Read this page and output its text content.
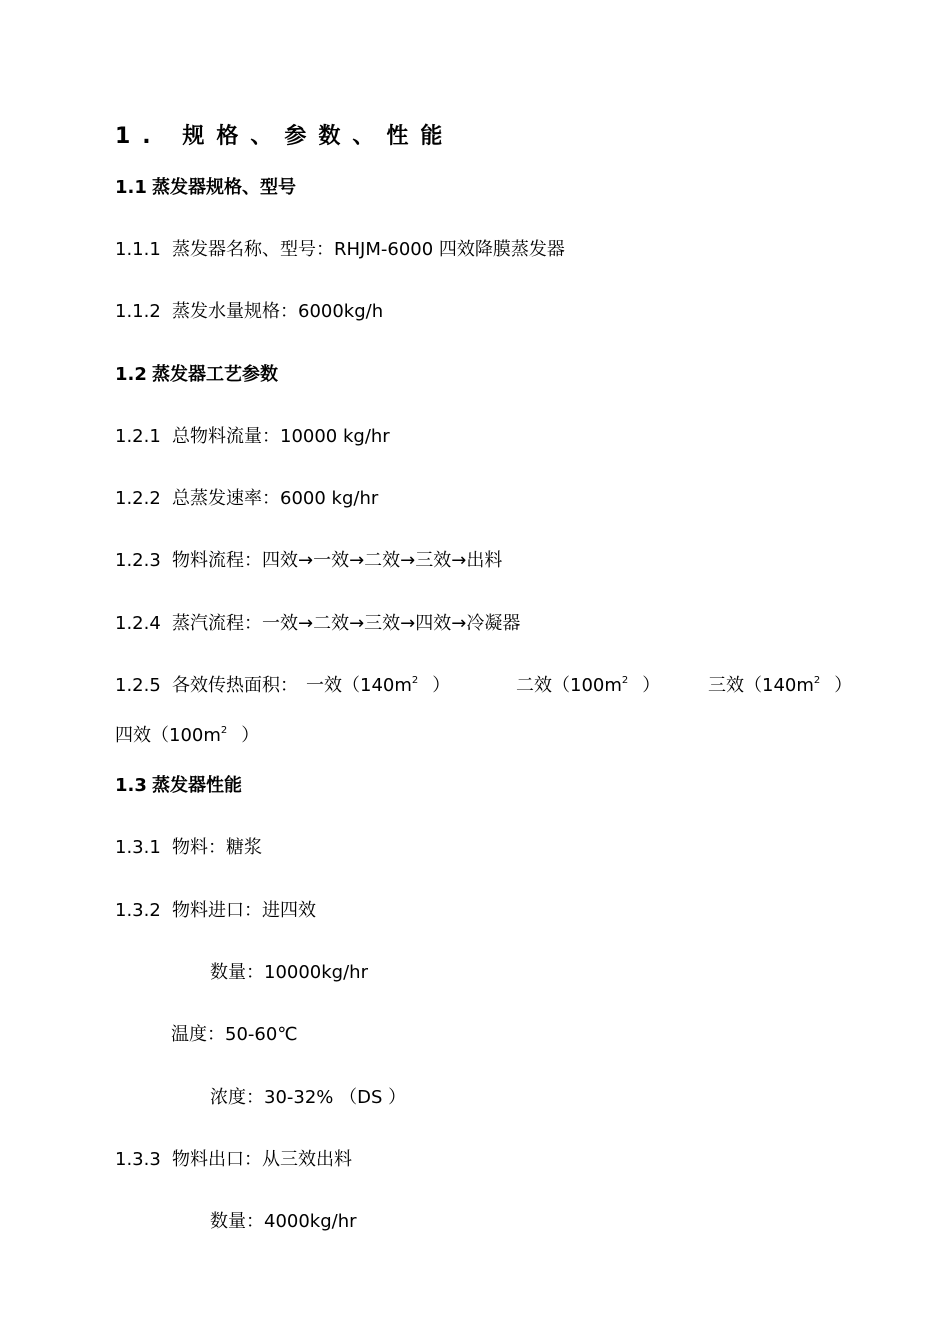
1. 规格、参数、性能
1.1 蒸发器规格、型号
1.1.1 蒸发器名称、型号：RHJM-6000 四效降膜蒸发器
1.1.2 蒸发水量规格：6000kg/h
1.2 蒸发器工艺参数
1.2.1 总物料流量：10000 kg/hr
1.2.2 总蒸发速率：6000 kg/hr
1.2.3 物料流程：四效→一效→二效→三效→出料
1.2.4 蒸汽流程：一效→二效→三效→四效→冷凝器
1.2.5 各效传热面积： 一效（$140m^2$ ）	二效（$100m^2$ ）	三效（$140m^2$ ）
四效（$100m^2$ ）
1.3 蒸发器性能
1.3.1 物料：糖浆
1.3.2 物料进口：进四效
数量：10000kg/hr
温度：50-60℃
浓度：30-32% （DS ）
1.3.3 物料出口：从三效出料
数量：4000kg/hr
